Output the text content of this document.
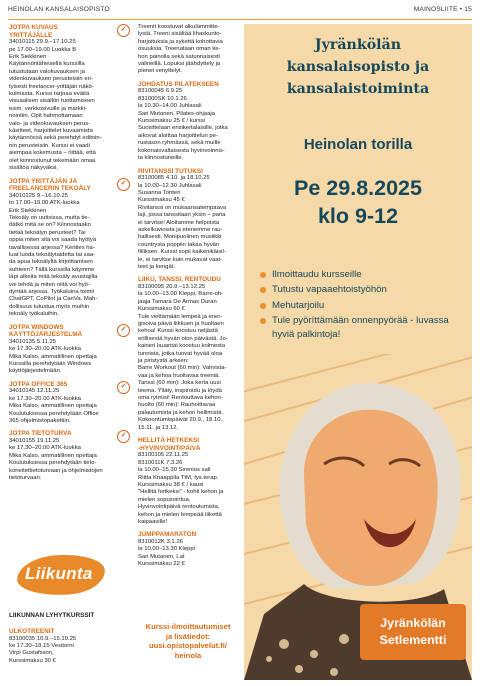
HEINOLAN KANSALAISOPISTO	MAINOSLIITE • 15
✓
JOTPA KUVAUS
YRITTÄJÄLLE

34010115 29.9.–17.10.25
pe 17.00–19.00 Luokka B
Erik Siekkinen
Käytännönläheisellä kurssilla
tutustutaan valokuvauksen ja
videokuvauksen perusteisiin eri-
tyisesti freelancer-yrittäjän näkö-
kulmasta. Kurssi tarjoaa eväitä
visuaalisen sisällön tuottamiseen
esim. verkkosivuille ja markki-
nointiin. Opit hahmottamaan
valo- ja videokuvauksen perus-
käsitteet, harjoittelet kuvaamista
käytännössä sekä perehdyt editoin-
nin perusteisiin. Kurssi ei vaadi
aiempaa kokemusta – riittää, että
olet kiinnostunut tekemään omaa
sisältöä näkyväksi.

✓
JOTPA YRITTÄJÄN JA
FREELANCERIN TEKOÄLY

34010125 9.–16.10.25
to 17.00–19.00 ATK-luokka
Erik Siekkinen
Tekoäly on uutisissa, mutta tie-
dätkö mitä se on? Kiinnostaako
tietää tekoälyn perusteet? Tai
oppia miten sitä voi saada hyötyä
tavallisessa arjessa? Kenties ha-
luat luoda tekoälytaidetta tai saa-
da apua tekoälyltä kirjoittamisen
suhteen? Tällä kurssilla käymme
läpi alkeita mitä tekoäly avustajilla
voi tehdä ja miten niitä voi hyö-
dyntää arjessa. Työkaluina toimii
ChatGPT, CoPilot ja CanVa. Mah-
dollisuus tutustua myös muihin
tekoäly työkaluihin.

✓
JOTPA WINDOWS
KÄYTTÖJÄRJESTELMÄ

34010135 5.11.25
ke 17.30–20.00 ATK-luokka
Mika Kalso, ammatillinen opettaja
Kurssilla perehdytään Windows
käyttöjärjestelmään.

✓
JOTPA OFFICE 365

34010145 12.11.25
ke 17.30–20.00 ATK-luokka
Mika Kalso, ammatillinen opettaja
Koulutuksessa perehdytään Office
365 ohjelmistopakettiin.

✓
JOTPA TIETOTURVA

34010155 19.11.25
ke 17.30–20.00 ATK-luokka
Mika Kalso, ammatillinen opettaja
Koulutuksessa perehdytään tieto-
koneitettietoturvaan ja ohjelmistojen
tietoturvaan.

Liikunta
LIIKUNNAN LYHYTKURSSIT
ULKOTREENIT

83100035 10.9.–15.10.25
ke 17.30–18.15 Vesitorni
Virpi Gustafsson,
Kurssimaksu 30 €

Treenit koostuvat alkulämmitte-
lystä. Treeni sisältää lihaskunto-
harjoituksia ja sykettä kohottavia
osuuksia. Treenataan oman ke-
hon painolla sekä satunnaisesti
välineillä. Lopuksi jäähdyttely ja
pienet venyttelyt.

JOHDATUS PILATEKSEEN

83100045 6.9.25
831000SK 10.1.26
la 10.30–14.00 Juhlasali
Sari Mutanen, Pilates-ohjaaja
Kurssimaksu 25 € / kurssi
Suosittelaan ensikertalaisille, jotka
aikovat aloittaa harjoittelun pe-
rustason ryhmässä, sekä muille
kokonaisvaltaisesta hyvinvoinnis-
ta kiinnostuneille.

RIVITANSSI TUTUKSI

83100085 4.10. ja 18.10.25
la 10.00–12.30 Juhlasali
Susanna Tonteri
Kurssimaksu 45 €
Rivitanssi on mukaansatempaava
laji, jossa tanssitaan yksin – paria
ei tarvitse! Aloitamme helpoista
askelkuvioista ja etenemme rau-
hallisesti. Monipuolinen musiikki
countrysta poppiin takaa hyvän
fiiliksen. Kurssi sopii kaikenikäisil-
le, ei tarvitse kuin mukavat vaat-
teet ja kengät.

LIIKU, TANSSI, RENTOUDU

83100095 20.9.–13.12.25
la 10.00–13.00 Kleppi, Barre-oh-
jaaja Tamara De Armas Duran
Kurssimaksu 60 €
Tule viettämään lempeä ja ener-
gisoiva päivä liikkuen ja huoltaen
kehoa! Kurssi koostuu neljästä
erillisestä hyvän olon päivästä. Jo-
kaineri lauantai koostuu kolmesta
tunnista, jotka tuovat hyvää oloa
ja piristystä arkeen:
Barre Workout (60 min): Vahvista-
vaa ja kehoa huoltavaa treeniä.
Tanssi (60 min): Joka kerta uusi
teema. Ylläty, inspiroidu ja löydä
oma rytmisi! Rentouttava kehon-
huolto (60 min): Rauhoittavaa
palautumista ja kehon hellimistä.
Kokoontumispäivät 20.9., 18.10.,
15.11. ja 13.12.

HELLITÄ HETKEKSI
-HYVINVOINTIPÄIVÄ

83100105 22.11.25
8310011K 7.3.26
la 10.00–15.30 Sirenius sali
Riitta Knaappila TtM, fys.terap.
Kurssimaksu 38 € / kausi
"Hellitä hetkeksi" - kohti kehon ja
mielen sopusointua.
Hyvinvointipäivä rentoutumista,
kehon ja mielen lempeää liikettä
kaipaaville!

JUMPPAMARATON

8310012K 3.1.26
la 10.00–13.30 Kleppi
Sari Mutanen, Lat
Kurssimaksu 22 €

Kurssi-ilmoittautumiset
ja lisätiedot:
uusi.opistopalvelut.fi/
heinola
Jyränkölän kansalaisopisto ja kansalaistoiminta
Heinolan torilla
Pe 29.8.2025
klo 9-12
Ilmoittaudu kursseille
Tutustu vapaaehtoistyöhön
Mehutarjoilu
Tule pyöríttämään onnenpyörää - luvassa hyviä palkintoja!
Jyränkölän
Setlementti
